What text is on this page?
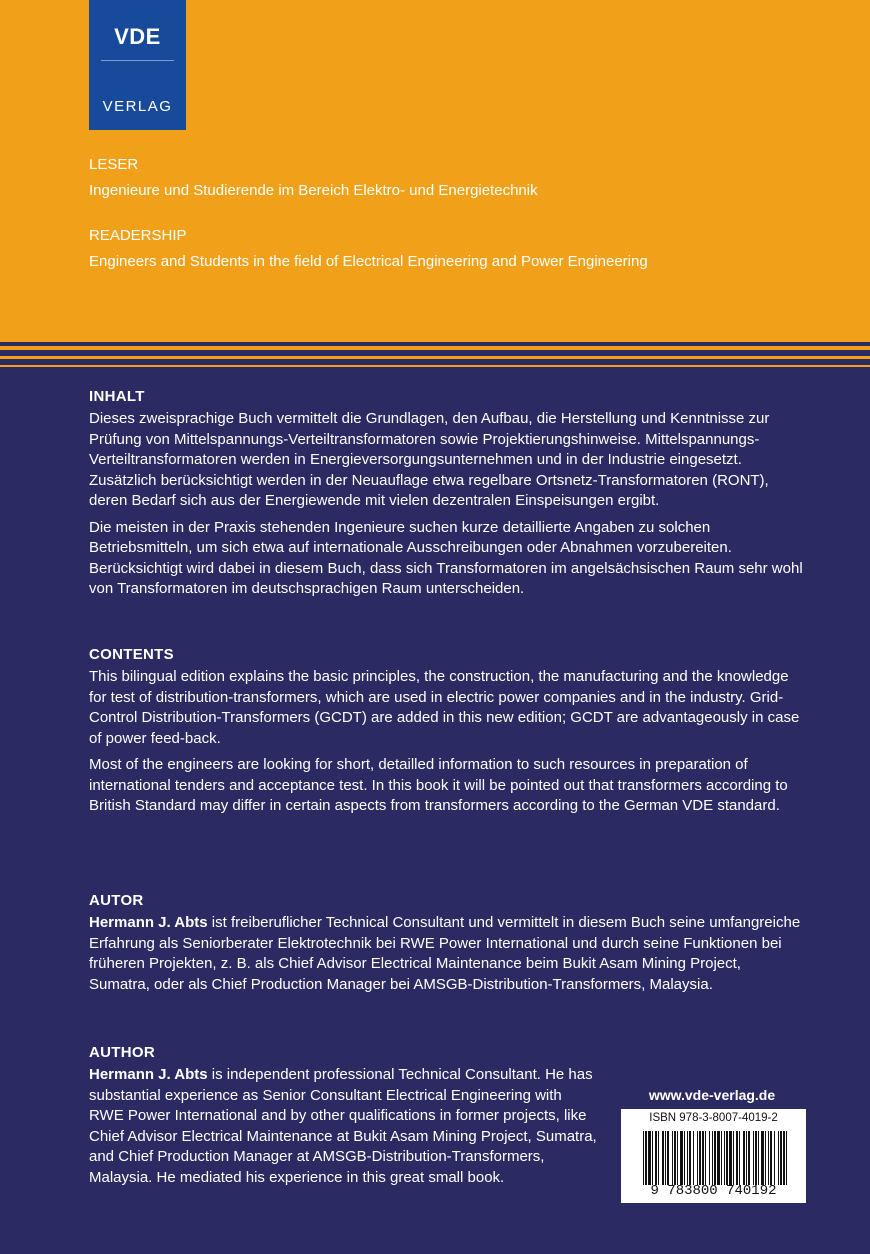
VDE
VERLAG
LESER
Ingenieure und Studierende im Bereich Elektro- und Energietechnik
READERSHIP
Engineers and Students in the field of Electrical Engineering and Power Engineering
INHALT

Dieses zweisprachige Buch vermittelt die Grundlagen, den Aufbau, die Herstellung und Kenntnisse zur Prüfung von Mittelspannungs-Verteiltransformatoren sowie Projektierungshinweise. Mittelspannungs-Verteiltransformatoren werden in Energieversorgungsunternehmen und in der Industrie eingesetzt. Zusätzlich berücksichtigt werden in der Neuauflage etwa regelbare Ortsnetz-Transformatoren (RONT), deren Bedarf sich aus der Energiewende mit vielen dezentralen Einspeisungen ergibt.

Die meisten in der Praxis stehenden Ingenieure suchen kurze detaillierte Angaben zu solchen Betriebsmitteln, um sich etwa auf internationale Ausschreibungen oder Abnahmen vorzubereiten. Berücksichtigt wird dabei in diesem Buch, dass sich Transformatoren im angelsächsischen Raum sehr wohl von Transformatoren im deutschsprachigen Raum unterscheiden.

CONTENTS

This bilingual edition explains the basic principles, the construction, the manufacturing and the knowledge for test of distribution-transformers, which are used in electric power companies and in the industry. Grid-Control Distribution-Transformers (GCDT) are added in this new edition; GCDT are advantageously in case of power feed-back.

Most of the engineers are looking for short, detailled information to such resources in preparation of international tenders and acceptance test. In this book it will be pointed out that transformers according to British Standard may differ in certain aspects from transformers according to the German VDE standard.

AUTOR

Hermann J. Abts ist freiberuflicher Technical Consultant und vermittelt in diesem Buch seine umfangreiche Erfahrung als Seniorberater Elektrotechnik bei RWE Power International und durch seine Funktionen bei früheren Projekten, z. B. als Chief Advisor Electrical Maintenance beim Bukit Asam Mining Project, Sumatra, oder als Chief Production Manager bei AMSGB-Distribution-Transformers, Malaysia.

AUTHOR

Hermann J. Abts is independent professional Technical Consultant. He has substantial experience as Senior Consultant Electrical Engineering with RWE Power International and by other qualifications in former projects, like Chief Advisor Electrical Maintenance at Bukit Asam Mining Project, Sumatra, and Chief Production Manager at AMSGB-Distribution-Transformers, Malaysia. He mediated his experience in this great small book.

www.vde-verlag.de
ISBN 978-3-8007-4019-2
9 783800 740192
